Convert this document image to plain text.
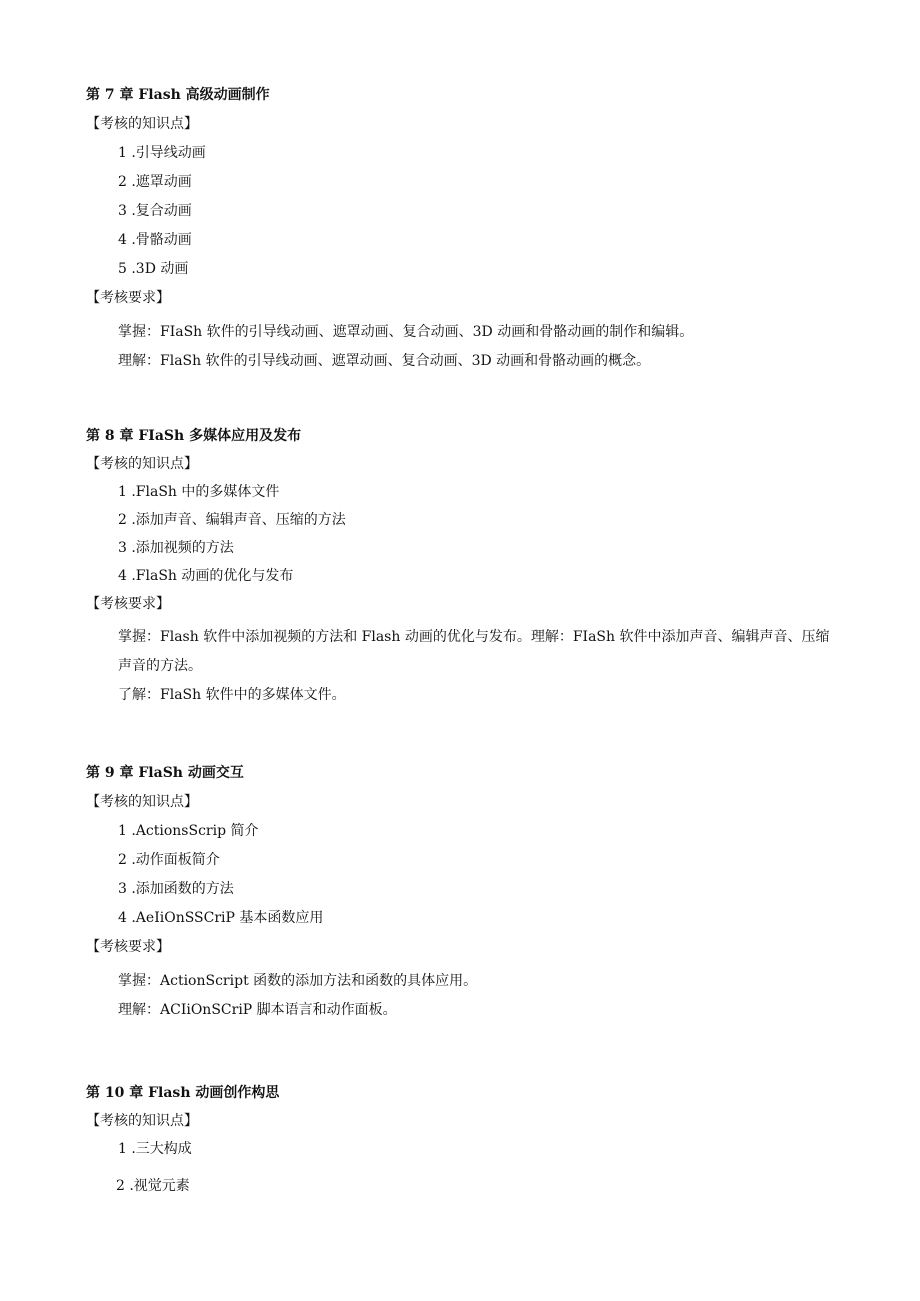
第 7 章 Flash 高级动画制作
【考核的知识点】
1 .引导线动画
2 .遮罩动画
3 .复合动画
4 .骨骼动画
5 .3D 动画
【考核要求】
掌握：FIaSh 软件的引导线动画、遮罩动画、复合动画、3D 动画和骨骼动画的制作和编辑。
理解：FlaSh 软件的引导线动画、遮罩动画、复合动画、3D 动画和骨骼动画的概念。
第 8 章 FIaSh 多媒体应用及发布
【考核的知识点】
1 .FlaSh 中的多媒体文件
2 .添加声音、编辑声音、压缩的方法
3 .添加视频的方法
4 .FlaSh 动画的优化与发布
【考核要求】
掌握：Flash 软件中添加视频的方法和 Flash 动画的优化与发布。理解：FIaSh 软件中添加声音、编辑声音、压缩声音的方法。
了解：FlaSh 软件中的多媒体文件。
第 9 章 FlaSh 动画交互
【考核的知识点】
1 .ActionsScrip 简介
2 .动作面板简介
3 .添加函数的方法
4 .AeIiOnSSCriP 基本函数应用
【考核要求】
掌握：ActionScript 函数的添加方法和函数的具体应用。
理解：ACIiOnSCriP 脚本语言和动作面板。
第 10 章 Flash 动画创作构思
【考核的知识点】
1 .三大构成
2 .视觉元素
